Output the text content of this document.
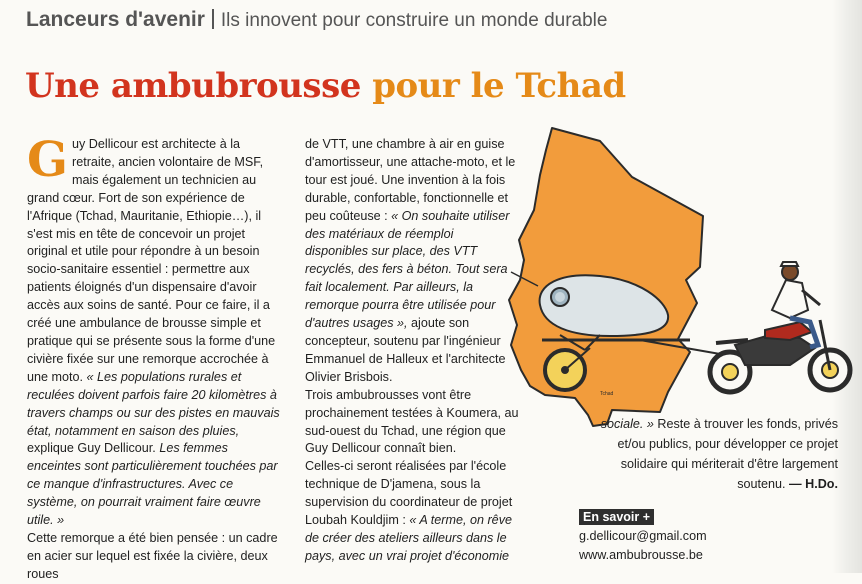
Lanceurs d'avenir Ils innovent pour construire un monde durable
Une ambubrousse pour le Tchad
Tchad
G uy Dellicour est architecte à la retraite, ancien volontaire de MSF, mais également un technicien au grand cœur. Fort de son expérience de l'Afrique (Tchad, Mauritanie, Ethiopie…), il s'est mis en tête de concevoir un projet original et utile pour répondre à un besoin socio-sanitaire essentiel : permettre aux patients éloignés d'un dispensaire d'avoir accès aux soins de santé. Pour ce faire, il a créé une ambulance de brousse simple et pratique qui se présente sous la forme d'une civière fixée sur une remorque accrochée à une moto. « Les populations rurales et reculées doivent parfois faire 20 kilomètres à travers champs ou sur des pistes en mauvais état, notamment en saison des pluies, explique Guy Dellicour. Les femmes enceintes sont particulièrement touchées par ce manque d'infrastructures. Avec ce système, on pourrait vraiment faire œuvre utile. »

Cette remorque a été bien pensée : un cadre en acier sur lequel est fixée la civière, deux roues

de VTT, une chambre à air en guise d'amortisseur, une attache-moto, et le tour est joué. Une invention à la fois durable, confortable, fonctionnelle et peu coûteuse : « On souhaite utiliser des matériaux de réemploi disponibles sur place, des VTT recyclés, des fers à béton. Tout sera fait localement. Par ailleurs, la remorque pourra être utilisée pour d'autres usages », ajoute son concepteur, soutenu par l'ingénieur Emmanuel de Halleux et l'architecte Olivier Brisbois.

Trois ambubrousses vont être prochainement testées à Koumera, au sud-ouest du Tchad, une région que Guy Dellicour connaît bien.

Celles-ci seront réalisées par l'école technique de D'jamena, sous la supervision du coordinateur de projet Loubah Kouldjim : « A terme, on rêve de créer des ateliers ailleurs dans le pays, avec un vrai projet d'économie

sociale. » Reste à trouver les fonds, privés et/ou publics, pour développer ce projet solidaire qui mériterait d'être largement soutenu. — H.Do.

En savoir +
g.dellicour@gmail.com
www.ambubrousse.be
